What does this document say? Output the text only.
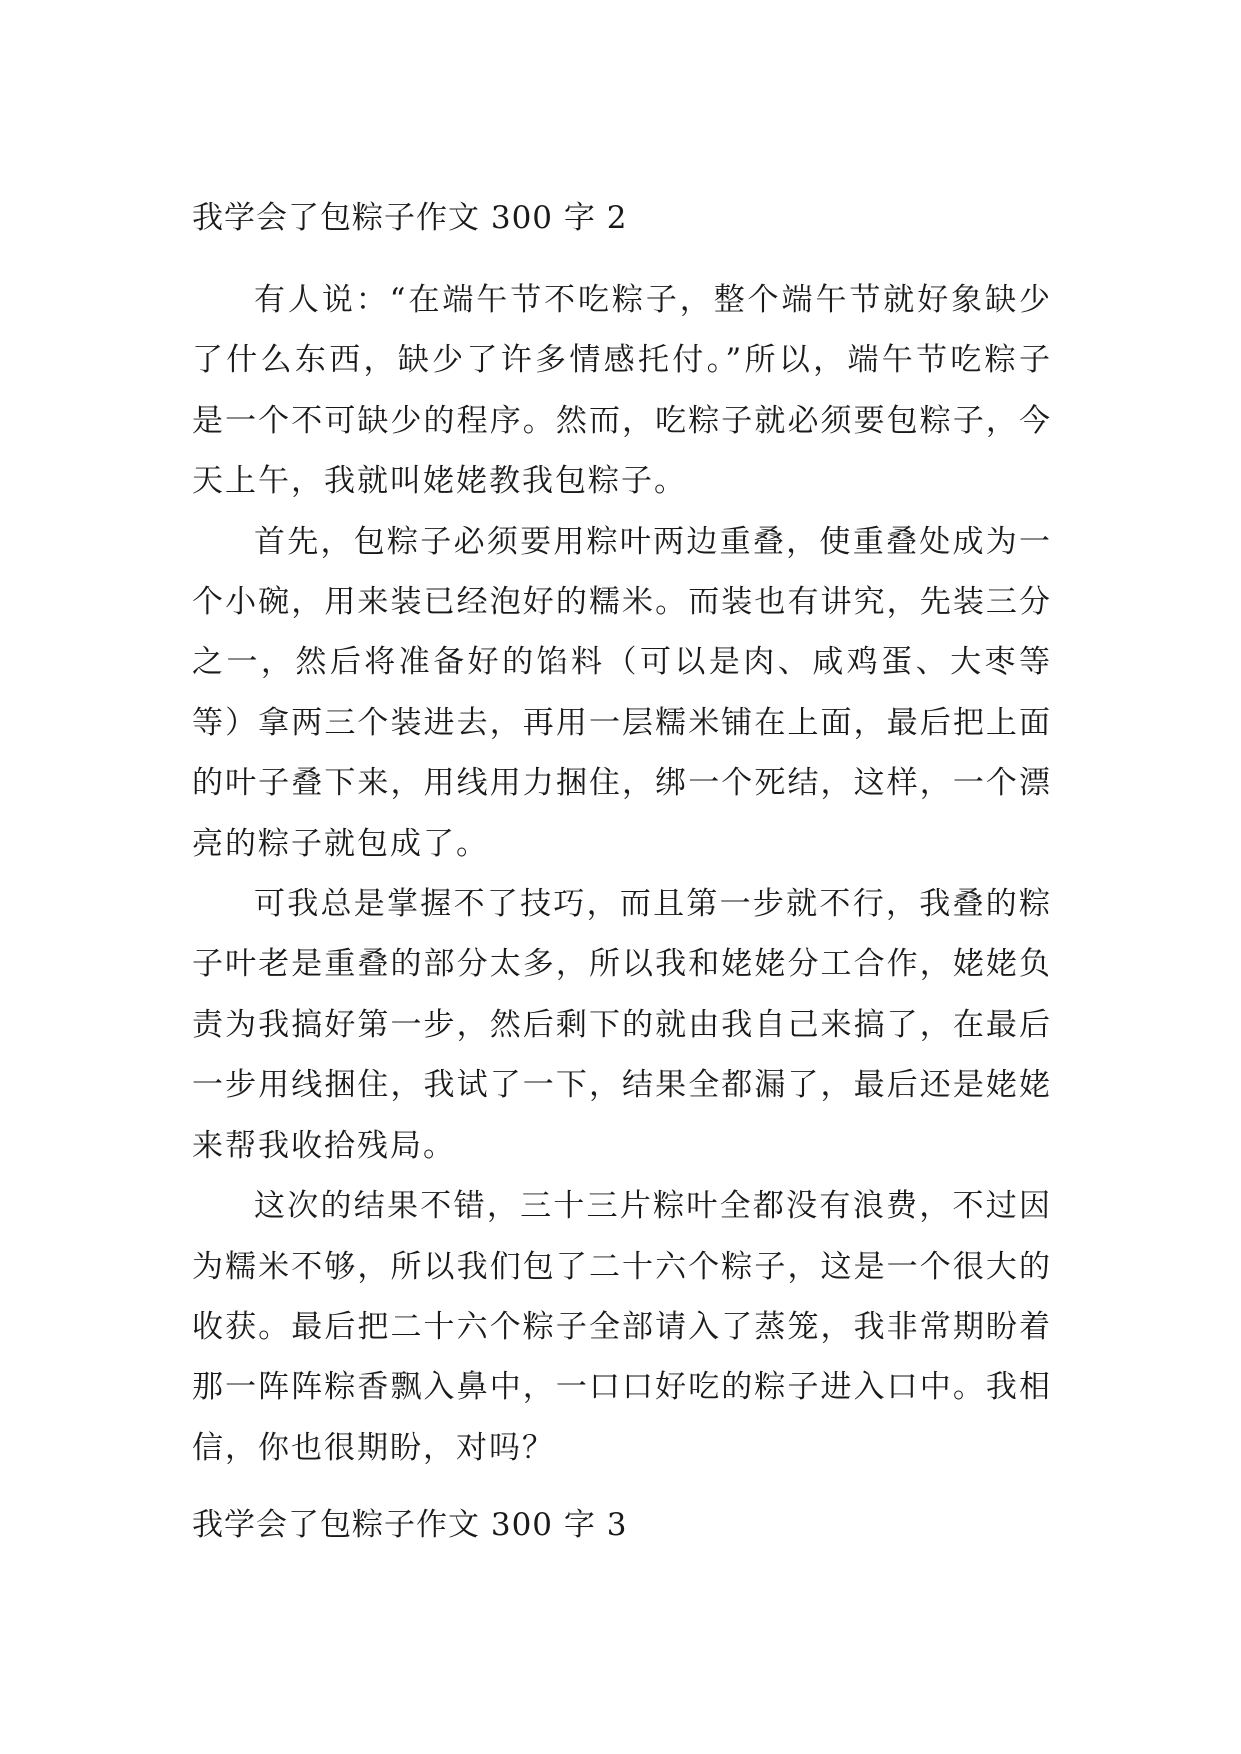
我学会了包粽子作文 300 字 2

有人说：“在端午节不吃粽子，整个端午节就好象缺少了什么东西，缺少了许多情感托付。”所以，端午节吃粽子是一个不可缺少的程序。然而，吃粽子就必须要包粽子，今天上午，我就叫姥姥教我包粽子。

首先，包粽子必须要用粽叶两边重叠，使重叠处成为一个小碗，用来装已经泡好的糯米。而装也有讲究，先装三分之一，然后将准备好的馅料（可以是肉、咸鸡蛋、大枣等等）拿两三个装进去，再用一层糯米铺在上面，最后把上面的叶子叠下来，用线用力捆住，绑一个死结，这样，一个漂亮的粽子就包成了。

可我总是掌握不了技巧，而且第一步就不行，我叠的粽子叶老是重叠的部分太多，所以我和姥姥分工合作，姥姥负责为我搞好第一步，然后剩下的就由我自己来搞了，在最后一步用线捆住，我试了一下，结果全都漏了，最后还是姥姥来帮我收拾残局。

这次的结果不错，三十三片粽叶全都没有浪费，不过因为糯米不够，所以我们包了二十六个粽子，这是一个很大的收获。最后把二十六个粽子全部请入了蒸笼，我非常期盼着那一阵阵粽香飘入鼻中，一口口好吃的粽子进入口中。我相信，你也很期盼，对吗？

我学会了包粽子作文 300 字 3
